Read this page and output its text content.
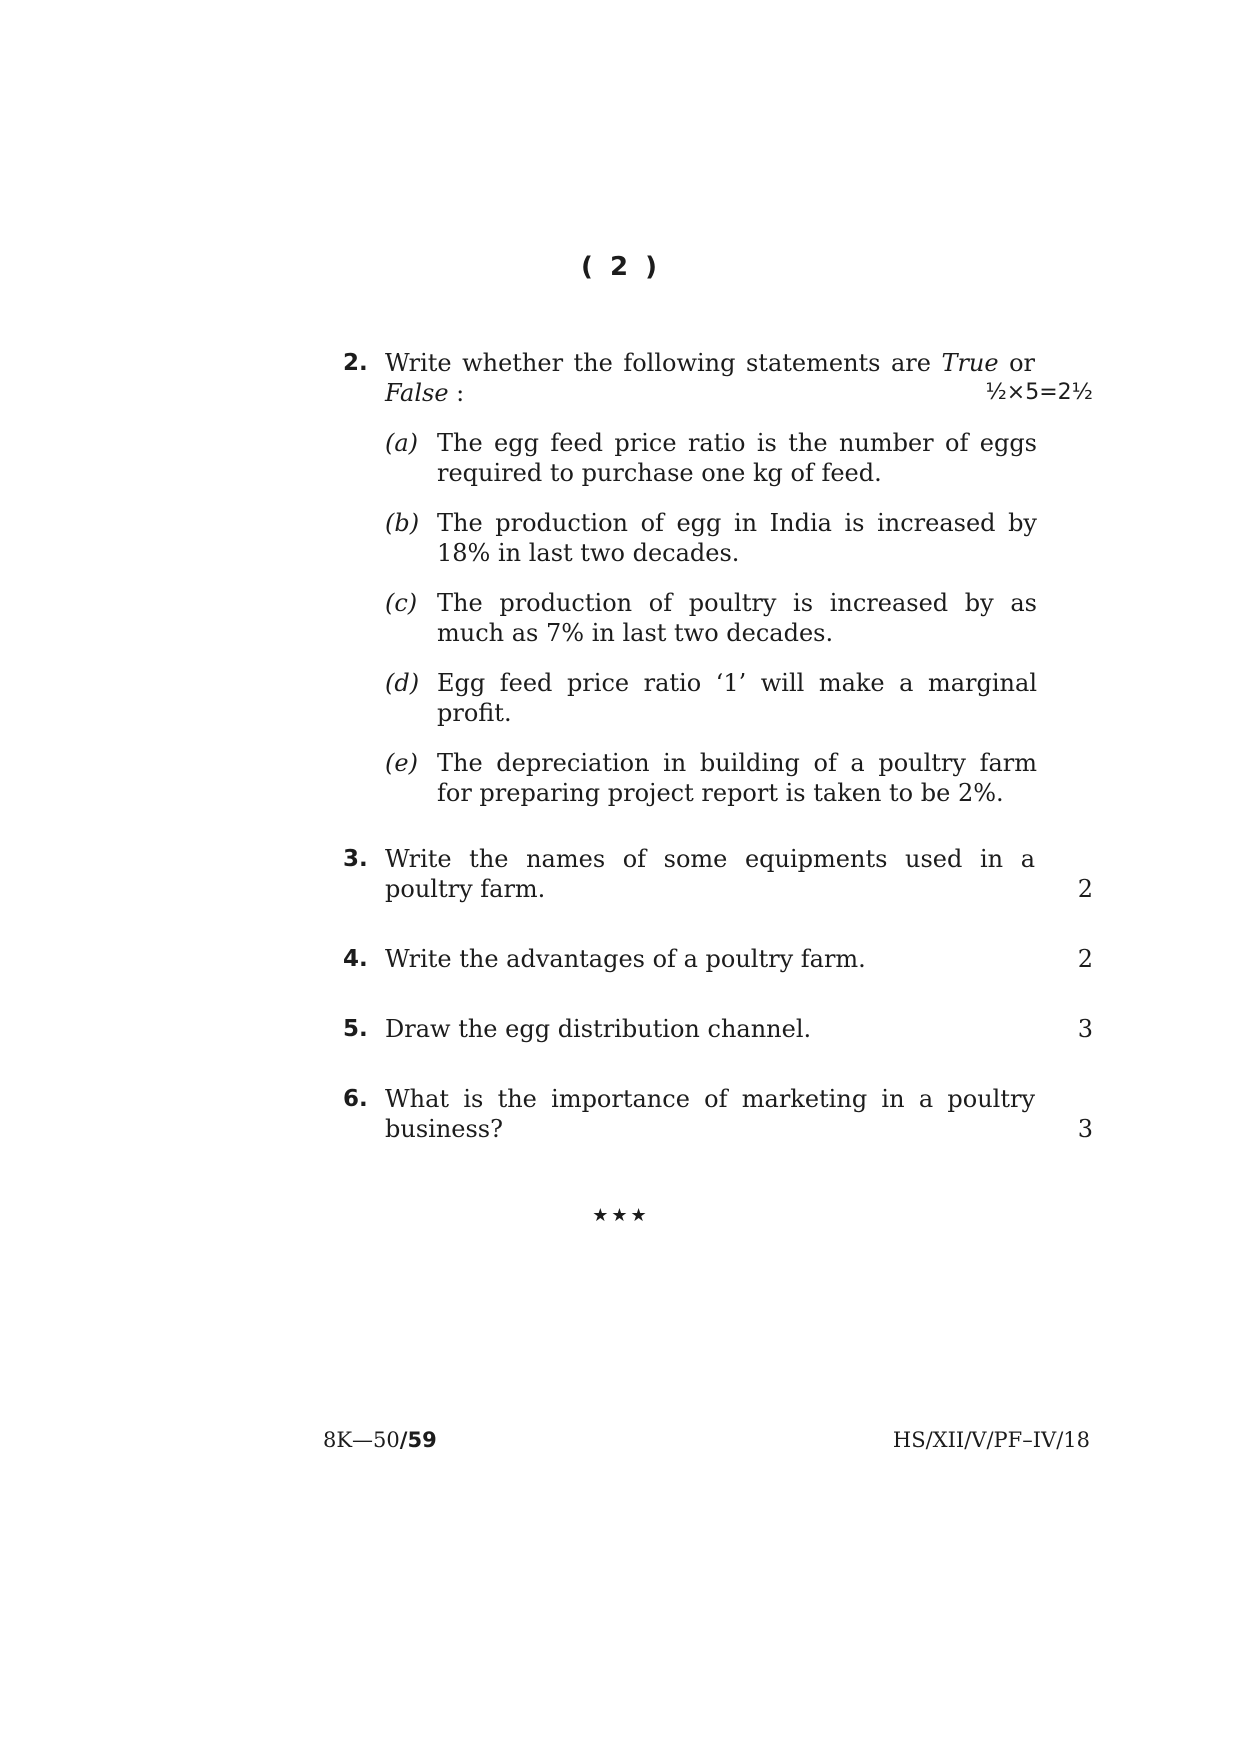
( 2 )
2. Write whether the following statements are True or False :	½×5=2½
(a) The egg feed price ratio is the number of eggs required to purchase one kg of feed.
(b) The production of egg in India is increased by 18% in last two decades.
(c) The production of poultry is increased by as much as 7% in last two decades.
(d) Egg feed price ratio ‘1’ will make a marginal profit.
(e) The depreciation in building of a poultry farm for preparing project report is taken to be 2%.
3. Write the names of some equipments used in a poultry farm.	2
4. Write the advantages of a poultry farm.	2
5. Draw the egg distribution channel.	3
6. What is the importance of marketing in a poultry business?	3
★★★
8K—50/59	HS/XII/V/PF–IV/18
